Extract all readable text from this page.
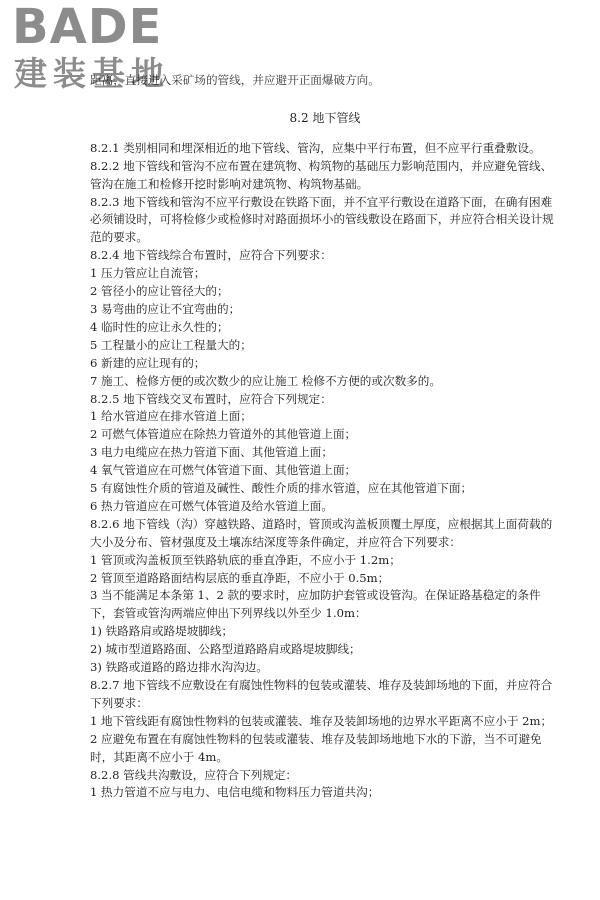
BADE
建装基地

距离，直接进入采矿场的管线，并应避开正面爆破方向。

8.2 地下管线

8.2.1 类别相同和埋深相近的地下管线、管沟，应集中平行布置，但不应平行重叠敷设。

8.2.2 地下管线和管沟不应布置在建筑物、构筑物的基础压力影响范围内，并应避免管线、管沟在施工和检修开挖时影响对建筑物、构筑物基础。

8.2.3 地下管线和管沟不应平行敷设在铁路下面，并不宜平行敷设在道路下面，在确有困难必须铺设时，可将检修少或检修时对路面损坏小的管线敷设在路面下，并应符合相关设计规范的要求。

8.2.4 地下管线综合布置时，应符合下列要求：

1 压力管应让自流管；

2 管径小的应让管径大的；

3 易弯曲的应让不宜弯曲的；

4 临时性的应让永久性的；

5 工程量小的应让工程量大的；

6 新建的应让现有的；

7 施工、检修方便的或次数少的应让施工 检修不方便的或次数多的。

8.2.5 地下管线交叉布置时，应符合下列规定：

1 给水管道应在排水管道上面；

2 可燃气体管道应在除热力管道外的其他管道上面；

3 电力电缆应在热力管道下面、其他管道上面；

4 氧气管道应在可燃气体管道下面、其他管道上面；

5 有腐蚀性介质的管道及碱性、酸性介质的排水管道，应在其他管道下面；

6 热力管道应在可燃气体管道及给水管道上面。

8.2.6 地下管线（沟）穿越铁路、道路时，管顶或沟盖板顶覆土厚度，应根据其上面荷载的大小及分布、管材强度及土壤冻结深度等条件确定，并应符合下列要求：

1 管顶或沟盖板顶至铁路轨底的垂直净距，不应小于 1.2m；

2 管顶至道路路面结构层底的垂直净距，不应小于 0.5m；

3 当不能满足本条第 1、2 款的要求时，应加防护套管或设管沟。在保证路基稳定的条件下，套管或管沟两端应伸出下列界线以外至少 1.0m：

1) 铁路路肩或路堤坡脚线；

2) 城市型道路路面、公路型道路路肩或路堤坡脚线；

3) 铁路或道路的路边排水沟沟边。

8.2.7 地下管线不应敷设在有腐蚀性物料的包装或灌装、堆存及装卸场地的下面，并应符合下列要求：

1 地下管线距有腐蚀性物料的包装或灌装、堆存及装卸场地的边界水平距离不应小于 2m；

2 应避免布置在有腐蚀性物料的包装或灌装、堆存及装卸场地地下水的下游，当不可避免时，其距离不应小于 4m。

8.2.8 管线共沟敷设，应符合下列规定：

1 热力管道不应与电力、电信电缆和物料压力管道共沟；
